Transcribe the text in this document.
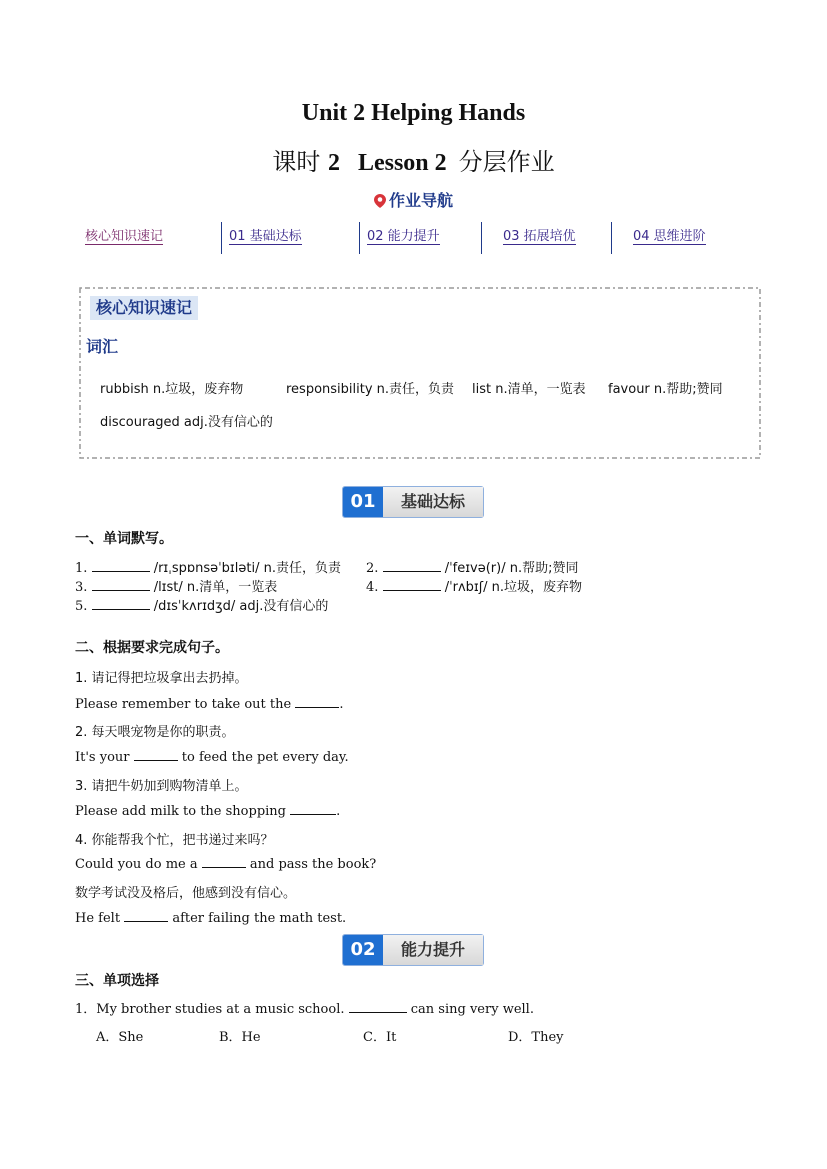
Unit 2 Helping Hands
课时 2 Lesson 2 分层作业
作业导航
核心知识速记	01 基础达标	02 能力提升	03 拓展培优	04 思维进阶
核心知识速记
词汇
rubbish n.垃圾，废弃物	responsibility n.责任，负责 list n.清单，一览表 favour n.帮助;赞同
discouraged adj.没有信心的
01	基础达标
一、单词默写。
1.	/rɪˌspɒnsəˈbɪləti/ n.责任，负责 2.	/ˈfeɪvə(r)/ n.帮助;赞同
3.	/lɪst/ n.清单，一览表	4.	/ˈrʌbɪʃ/ n.垃圾，废弃物
5.	/dɪsˈkʌrɪdʒd/ adj.没有信心的
二、根据要求完成句子。
1. 请记得把垃圾拿出去扔掉。
Please remember to take out the	.
2. 每天喂宠物是你的职责。
It's your	to feed the pet every day.
3. 请把牛奶加到购物清单上。
Please add milk to the shopping	.
4. 你能帮我个忙，把书递过来吗？
Could you do me a	and pass the book?
数学考试没及格后，他感到没有信心。
He felt	after failing the math test.
02	能力提升
三、单项选择
1．My brother studies at a music school.	can sing very well.
A．She	B．He	C．It	D．They
